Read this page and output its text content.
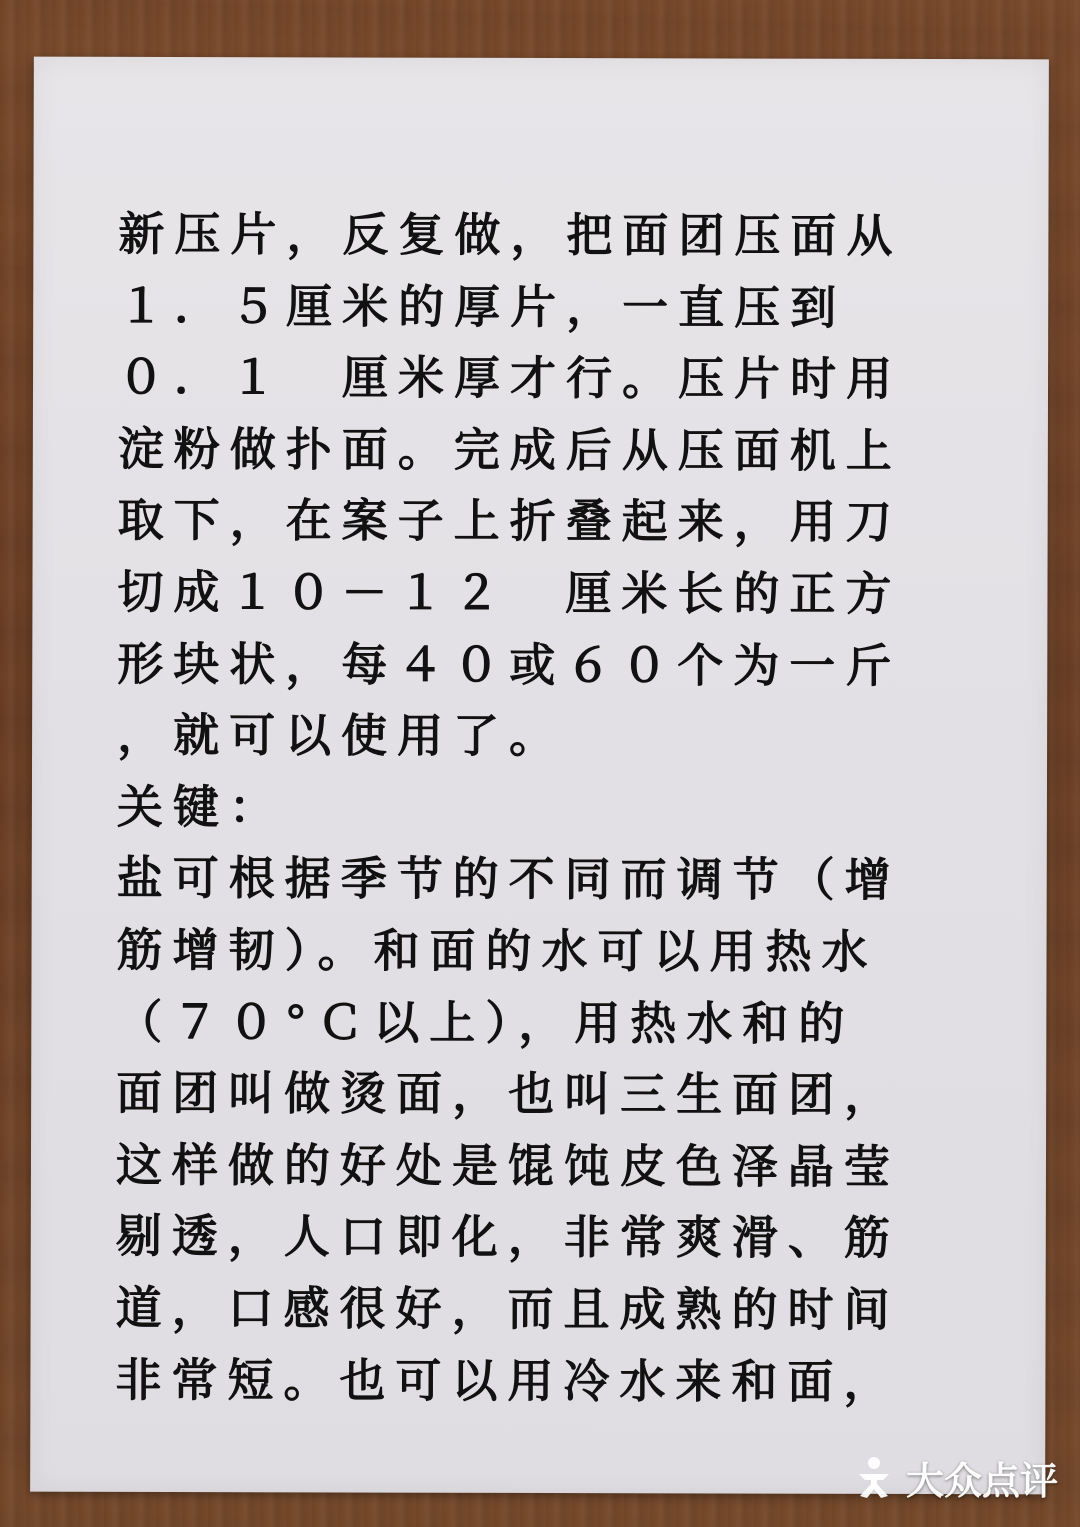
新压片，反复做，把面团压面从
１．５厘米的厚片，一直压到
０．１　厘米厚才行。压片时用
淀粉做扑面。完成后从压面机上
取下，在案子上折叠起来，用刀
切成１０－１２　厘米长的正方
形块状，每４０或６０个为一斤
，就可以使用了。
关键：
盐可根据季节的不同而调节（增
筋增韧）。和面的水可以用热水
（７０°Ｃ以上），用热水和的
面团叫做烫面，也叫三生面团，
这样做的好处是馄饨皮色泽晶莹
剔透，人口即化，非常爽滑、筋
道，口感很好，而且成熟的时间
非常短。也可以用冷水来和面，
大众点评
